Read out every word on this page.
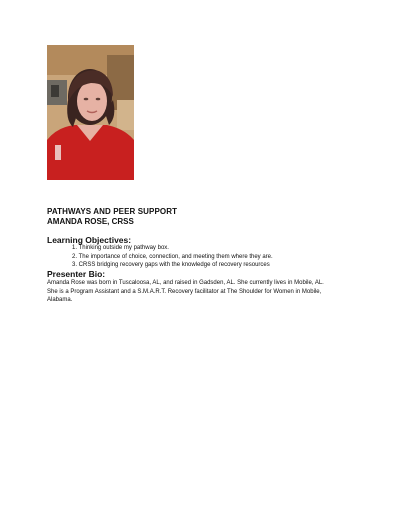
PATHWAYS AND PEER SUPPORT
AMANDA ROSE, CRSS
Learning Objectives:
1. Thinking outside my pathway box.
2. The importance of choice, connection, and meeting them where they are.
3. CRSS bridging recovery gaps with the knowledge of recovery resources
Presenter Bio:
Amanda Rose was born in Tuscaloosa, AL, and raised in Gadsden, AL. She currently lives in Mobile, AL.
She is a Program Assistant and a S.M.A.R.T. Recovery facilitator at The Shoulder for Women in Mobile,
Alabama.
